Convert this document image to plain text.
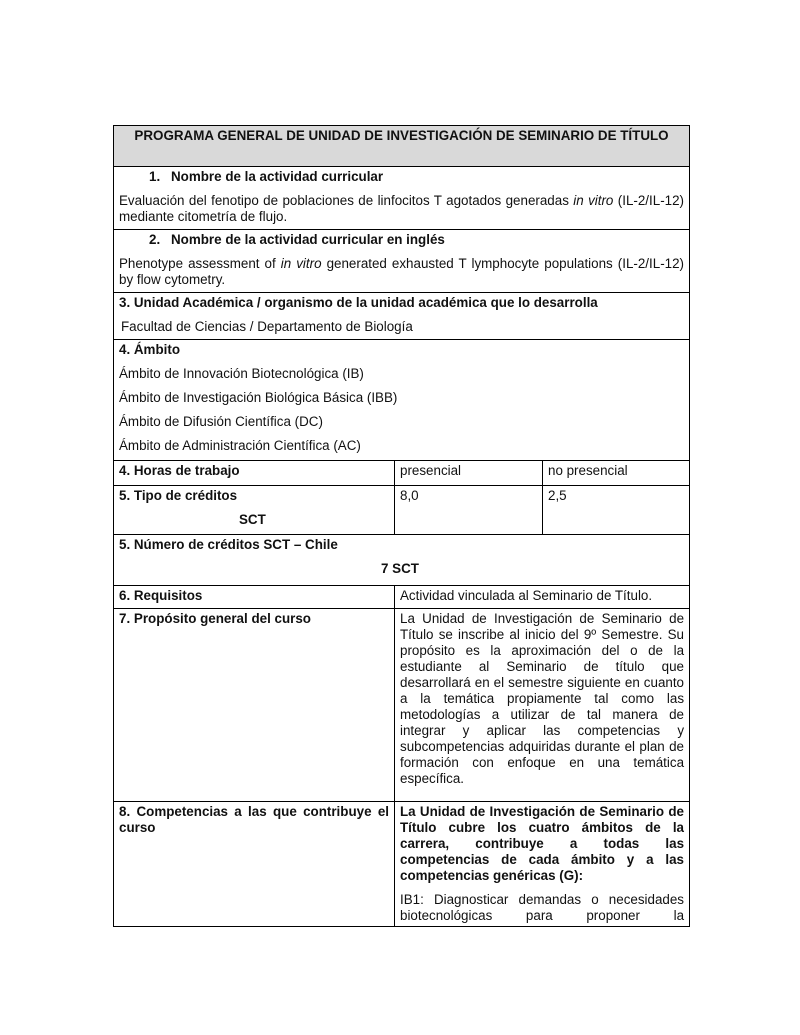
PROGRAMA GENERAL DE UNIDAD DE INVESTIGACIÓN DE SEMINARIO DE TÍTULO		

1. Nombre de la actividad curricular
Evaluación del fenotipo de poblaciones de linfocitos T agotados generadas in vitro (IL-2/IL-12) mediante citometría de flujo.		

2. Nombre de la actividad curricular en inglés
Phenotype assessment of in vitro generated exhausted T lymphocyte populations (IL-2/IL-12) by flow cytometry.		

3. Unidad Académica / organismo de la unidad académica que lo desarrolla
Facultad de Ciencias / Departamento de Biología		

4. Ámbito
Ámbito de Innovación Biotecnológica (IB)
Ámbito de Investigación Biológica Básica (IBB)
Ámbito de Difusión Científica (DC)
Ámbito de Administración Científica (AC)		

4. Horas de trabajo	presencial	no presencial

5. Tipo de créditos
SCT	8,0	2,5

5. Número de créditos SCT – Chile
7 SCT		

6. Requisitos	Actividad vinculada al Seminario de Título.	
7. Propósito general del curso	La Unidad de Investigación de Seminario de Título se inscribe al inicio del 9º Semestre. Su propósito es la aproximación del o de la estudiante al Seminario de título que desarrollará en el semestre siguiente en cuanto a la temática propiamente tal como las metodologías a utilizar de tal manera de integrar y aplicar las competencias y subcompetencias adquiridas durante el plan de formación con enfoque en una temática específica.	
8. Competencias a las que contribuye el curso	La Unidad de Investigación de Seminario de Título cubre los cuatro ámbitos de la carrera, contribuye a todas las competencias de cada ámbito y a las competencias genéricas (G):
IB1: Diagnosticar demandas o necesidades biotecnológicas para proponer la	
